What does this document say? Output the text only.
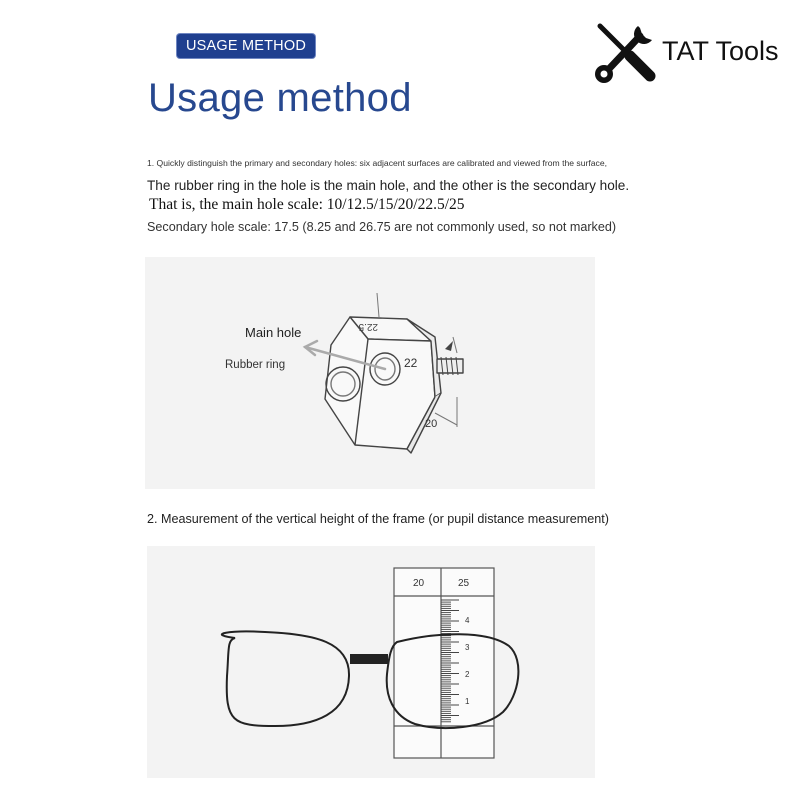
USAGE METHOD
Usage method
TAT Tools
1. Quickly distinguish the primary and secondary holes: six adjacent surfaces are calibrated and viewed from the surface,
The rubber ring in the hole is the main hole, and the other is the secondary hole.
That is, the main hole scale: 10/12.5/15/20/22.5/25
Secondary hole scale: 17.5 (8.25 and 26.75 are not commonly used, so not marked)
22.5
22
20
Main hole
Rubber ring
2. Measurement of the vertical height of the frame (or pupil distance measurement)
20	25
4
3
2
1
